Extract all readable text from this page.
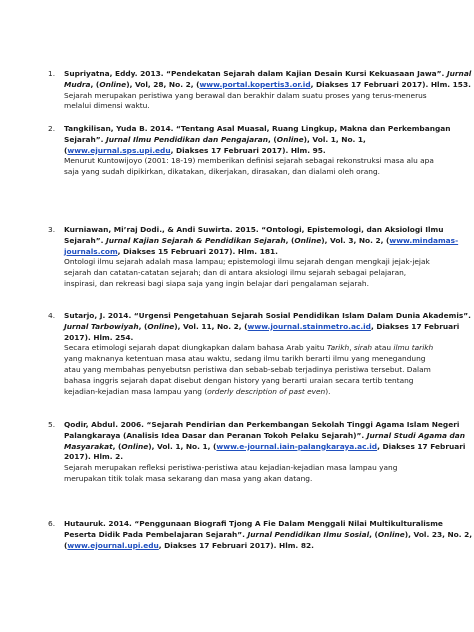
1. Supriyatna, Eddy. 2013. “Pendekatan Sejarah dalam Kajian Desain Kursi Kekuasaan Jawa”. Jurnal
Mudra, (Online), Vol, 28, No. 2, (www.portal.kopertis3.or.id, Diakses 17 Februari 2017). Hlm. 153.
Sejarah merupakan peristiwa yang berawal dan berakhir dalam suatu proses yang terus-menerus
melalui dimensi waktu.
2. Tangkilisan, Yuda B. 2014. “Tentang Asal Muasal, Ruang Lingkup, Makna dan Perkembangan
Sejarah”. Jurnal Ilmu Pendidikan dan Pengajaran, (Online), Vol. 1, No. 1,
(www.ejurnal.sps.upi.edu, Diakses 17 Februari 2017). Hlm. 95.
Menurut Kuntowijoyo (2001: 18-19) memberikan definisi sejarah sebagai rekonstruksi masa alu apa
saja yang sudah dipikirkan, dikatakan, dikerjakan, dirasakan, dan dialami oleh orang.
3. Kurniawan, Mi’raj Dodi., & Andi Suwirta. 2015. “Ontologi, Epistemologi, dan Aksiologi Ilmu
Sejarah”. Jurnal Kajian Sejarah & Pendidikan Sejarah, (Online), Vol. 3, No. 2, (www.mindamas-
journals.com, Diakses 15 Februari 2017). Hlm. 181.
Ontologi ilmu sejarah adalah masa lampau; epistemologi ilmu sejarah dengan mengkaji jejak-jejak
sejarah dan catatan-catatan sejarah; dan di antara aksiologi ilmu sejarah sebagai pelajaran,
inspirasi, dan rekreasi bagi siapa saja yang ingin belajar dari pengalaman sejarah.
4. Sutarjo, J. 2014. “Urgensi Pengetahuan Sejarah Sosial Pendidikan Islam Dalam Dunia Akademis”.
Jurnal Tarbowiyah, (Online), Vol. 11, No. 2, (www.journal.stainmetro.ac.id, Diakses 17 Februari
2017). Hlm. 254.
Secara etimologi sejarah dapat diungkapkan dalam bahasa Arab yaitu Tarikh, sirah atau ilmu tarikh
yang maknanya ketentuan masa atau waktu, sedang ilmu tarikh berarti ilmu yang menegandung
atau yang membahas penyebutsn peristiwa dan sebab-sebab terjadinya peristiwa tersebut. Dalam
bahasa inggris sejarah dapat disebut dengan history yang berarti uraian secara tertib tentang
kejadian-kejadian masa lampau yang (orderly description of past even).
5. Qodir, Abdul. 2006. “Sejarah Pendirian dan Perkembangan Sekolah Tinggi Agama Islam Negeri
Palangkaraya (Analisis Idea Dasar dan Peranan Tokoh Pelaku Sejarah)”. Jurnal Studi Agama dan
Masyarakat, (Online), Vol. 1, No. 1, (www.e-journal.iain-palangkaraya.ac.id, Diakses 17 Februari
2017). Hlm. 2.
Sejarah merupakan refleksi peristiwa-peristiwa atau kejadian-kejadian masa lampau yang
merupakan titik tolak masa sekarang dan masa yang akan datang.
6. Hutauruk. 2014. “Penggunaan Biografi Tjong A Fie Dalam Menggali Nilai Multikulturalisme
Peserta Didik Pada Pembelajaran Sejarah”. Jurnal Pendidikan Ilmu Sosial, (Online), Vol. 23, No. 2,
(www.ejournal.upi.edu, Diakses 17 Februari 2017). Hlm. 82.
